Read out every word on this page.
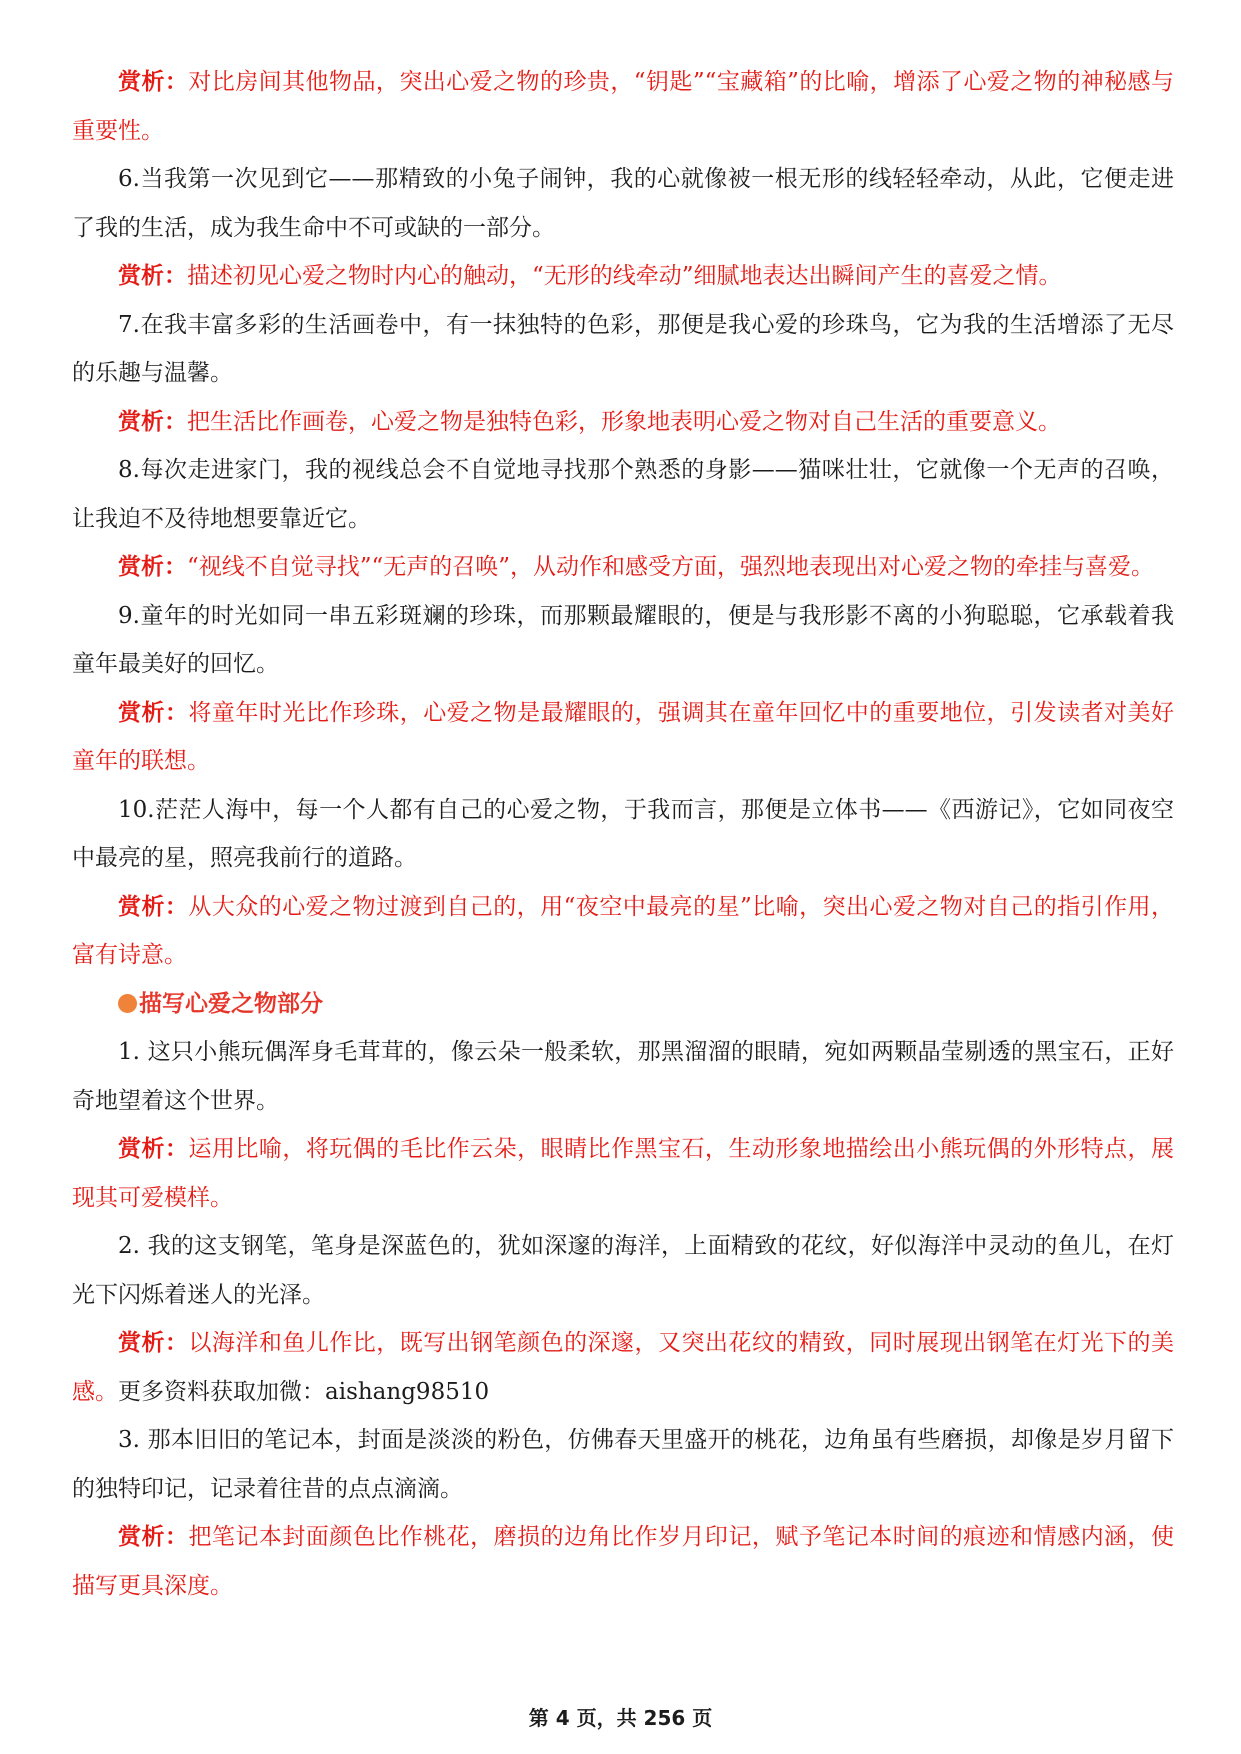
赏析：对比房间其他物品，突出心爱之物的珍贵，“钥匙”“宝藏箱”的比喻，增添了心爱之物的神秘感与重要性。

6.当我第一次见到它——那精致的小兔子闹钟，我的心就像被一根无形的线轻轻牵动，从此，它便走进了我的生活，成为我生命中不可或缺的一部分。

赏析：描述初见心爱之物时内心的触动，“无形的线牵动”细腻地表达出瞬间产生的喜爱之情。

7.在我丰富多彩的生活画卷中，有一抹独特的色彩，那便是我心爱的珍珠鸟，它为我的生活增添了无尽的乐趣与温馨。

赏析：把生活比作画卷，心爱之物是独特色彩，形象地表明心爱之物对自己生活的重要意义。

8.每次走进家门，我的视线总会不自觉地寻找那个熟悉的身影——猫咪壮壮，它就像一个无声的召唤，让我迫不及待地想要靠近它。

赏析：“视线不自觉寻找”“无声的召唤”，从动作和感受方面，强烈地表现出对心爱之物的牵挂与喜爱。

9.童年的时光如同一串五彩斑斓的珍珠，而那颗最耀眼的，便是与我形影不离的小狗聪聪，它承载着我童年最美好的回忆。

赏析：将童年时光比作珍珠，心爱之物是最耀眼的，强调其在童年回忆中的重要地位，引发读者对美好童年的联想。

10.茫茫人海中，每一个人都有自己的心爱之物，于我而言，那便是立体书——《西游记》，它如同夜空中最亮的星，照亮我前行的道路。

赏析：从大众的心爱之物过渡到自己的，用“夜空中最亮的星”比喻，突出心爱之物对自己的指引作用，富有诗意。

描写心爱之物部分

1. 这只小熊玩偶浑身毛茸茸的，像云朵一般柔软，那黑溜溜的眼睛，宛如两颗晶莹剔透的黑宝石，正好奇地望着这个世界。

赏析：运用比喻，将玩偶的毛比作云朵，眼睛比作黑宝石，生动形象地描绘出小熊玩偶的外形特点，展现其可爱模样。

2. 我的这支钢笔，笔身是深蓝色的，犹如深邃的海洋，上面精致的花纹，好似海洋中灵动的鱼儿，在灯光下闪烁着迷人的光泽。

赏析：以海洋和鱼儿作比，既写出钢笔颜色的深邃，又突出花纹的精致，同时展现出钢笔在灯光下的美感。更多资料获取加微：aishang98510

3. 那本旧旧的笔记本，封面是淡淡的粉色，仿佛春天里盛开的桃花，边角虽有些磨损，却像是岁月留下的独特印记，记录着往昔的点点滴滴。

赏析：把笔记本封面颜色比作桃花，磨损的边角比作岁月印记，赋予笔记本时间的痕迹和情感内涵，使描写更具深度。

第 4 页，共 256 页
